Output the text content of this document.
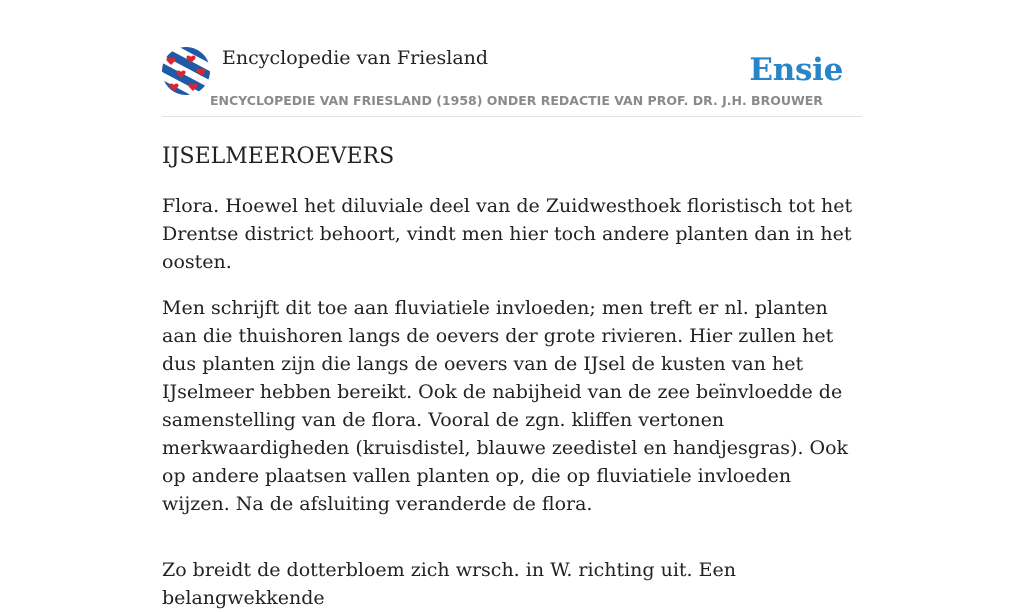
Encyclopedie van Friesland	Ensie
ENCYCLOPEDIE VAN FRIESLAND (1958) ONDER REDACTIE VAN PROF. DR. J.H. BROUWER
IJSELMEEROEVERS

Flora. Hoewel het diluviale deel van de Zuidwesthoek floristisch tot het Drentse district behoort, vindt men hier toch andere planten dan in het oosten.

Men schrijft dit toe aan fluviatiele invloeden; men treft er nl. planten aan die thuishoren langs de oevers der grote rivieren. Hier zullen het dus planten zijn die langs de oevers van de IJsel de kusten van het IJselmeer hebben bereikt. Ook de nabijheid van de zee beïnvloedde de samenstelling van de flora. Vooral de zgn. kliffen vertonen merkwaardigheden (kruisdistel, blauwe zeedistel en handjesgras). Ook op andere plaatsen vallen planten op, die op fluviatiele invloeden wijzen. Na de afsluiting veranderde de flora.

Zo breidt de dotterbloem zich wrsch. in W. richting uit. Een belangwekkende
